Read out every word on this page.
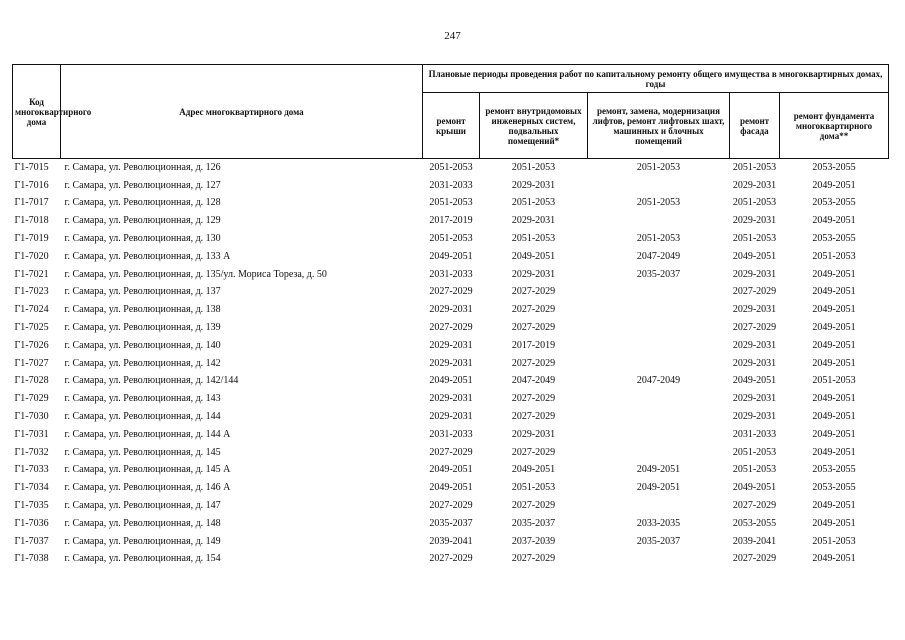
247
Код многоквартирного дома	Адрес многоквартирного дома	Плановые периоды проведения работ по капитальному ремонту общего имущества в многоквартирных домах, годы				
		ремонт крыши	ремонт внутридомовых инженерных систем, подвальных помещений*	ремонт, замена, модернизация лифтов, ремонт лифтовых шахт, машинных и блочных помещений	ремонт фасада	ремонт фундамента многоквартирного дома**
Г1-7015	г. Самара, ул. Революционная, д. 126	2051-2053	2051-2053	2051-2053	2051-2053	2053-2055
Г1-7016	г. Самара, ул. Революционная, д. 127	2031-2033	2029-2031		2029-2031	2049-2051
Г1-7017	г. Самара, ул. Революционная, д. 128	2051-2053	2051-2053	2051-2053	2051-2053	2053-2055
Г1-7018	г. Самара, ул. Революционная, д. 129	2017-2019	2029-2031		2029-2031	2049-2051
Г1-7019	г. Самара, ул. Революционная, д. 130	2051-2053	2051-2053	2051-2053	2051-2053	2053-2055
Г1-7020	г. Самара, ул. Революционная, д. 133 А	2049-2051	2049-2051	2047-2049	2049-2051	2051-2053
Г1-7021	г. Самара, ул. Революционная, д. 135/ул. Мориса Тореза, д. 50	2031-2033	2029-2031	2035-2037	2029-2031	2049-2051
Г1-7023	г. Самара, ул. Революционная, д. 137	2027-2029	2027-2029		2027-2029	2049-2051
Г1-7024	г. Самара, ул. Революционная, д. 138	2029-2031	2027-2029		2029-2031	2049-2051
Г1-7025	г. Самара, ул. Революционная, д. 139	2027-2029	2027-2029		2027-2029	2049-2051
Г1-7026	г. Самара, ул. Революционная, д. 140	2029-2031	2017-2019		2029-2031	2049-2051
Г1-7027	г. Самара, ул. Революционная, д. 142	2029-2031	2027-2029		2029-2031	2049-2051
Г1-7028	г. Самара, ул. Революционная, д. 142/144	2049-2051	2047-2049	2047-2049	2049-2051	2051-2053
Г1-7029	г. Самара, ул. Революционная, д. 143	2029-2031	2027-2029		2029-2031	2049-2051
Г1-7030	г. Самара, ул. Революционная, д. 144	2029-2031	2027-2029		2029-2031	2049-2051
Г1-7031	г. Самара, ул. Революционная, д. 144 А	2031-2033	2029-2031		2031-2033	2049-2051
Г1-7032	г. Самара, ул. Революционная, д. 145	2027-2029	2027-2029		2051-2053	2049-2051
Г1-7033	г. Самара, ул. Революционная, д. 145 А	2049-2051	2049-2051	2049-2051	2051-2053	2053-2055
Г1-7034	г. Самара, ул. Революционная, д. 146 А	2049-2051	2051-2053	2049-2051	2049-2051	2053-2055
Г1-7035	г. Самара, ул. Революционная, д. 147	2027-2029	2027-2029		2027-2029	2049-2051
Г1-7036	г. Самара, ул. Революционная, д. 148	2035-2037	2035-2037	2033-2035	2053-2055	2049-2051
Г1-7037	г. Самара, ул. Революционная, д. 149	2039-2041	2037-2039	2035-2037	2039-2041	2051-2053
Г1-7038	г. Самара, ул. Революционная, д. 154	2027-2029	2027-2029		2027-2029	2049-2051
